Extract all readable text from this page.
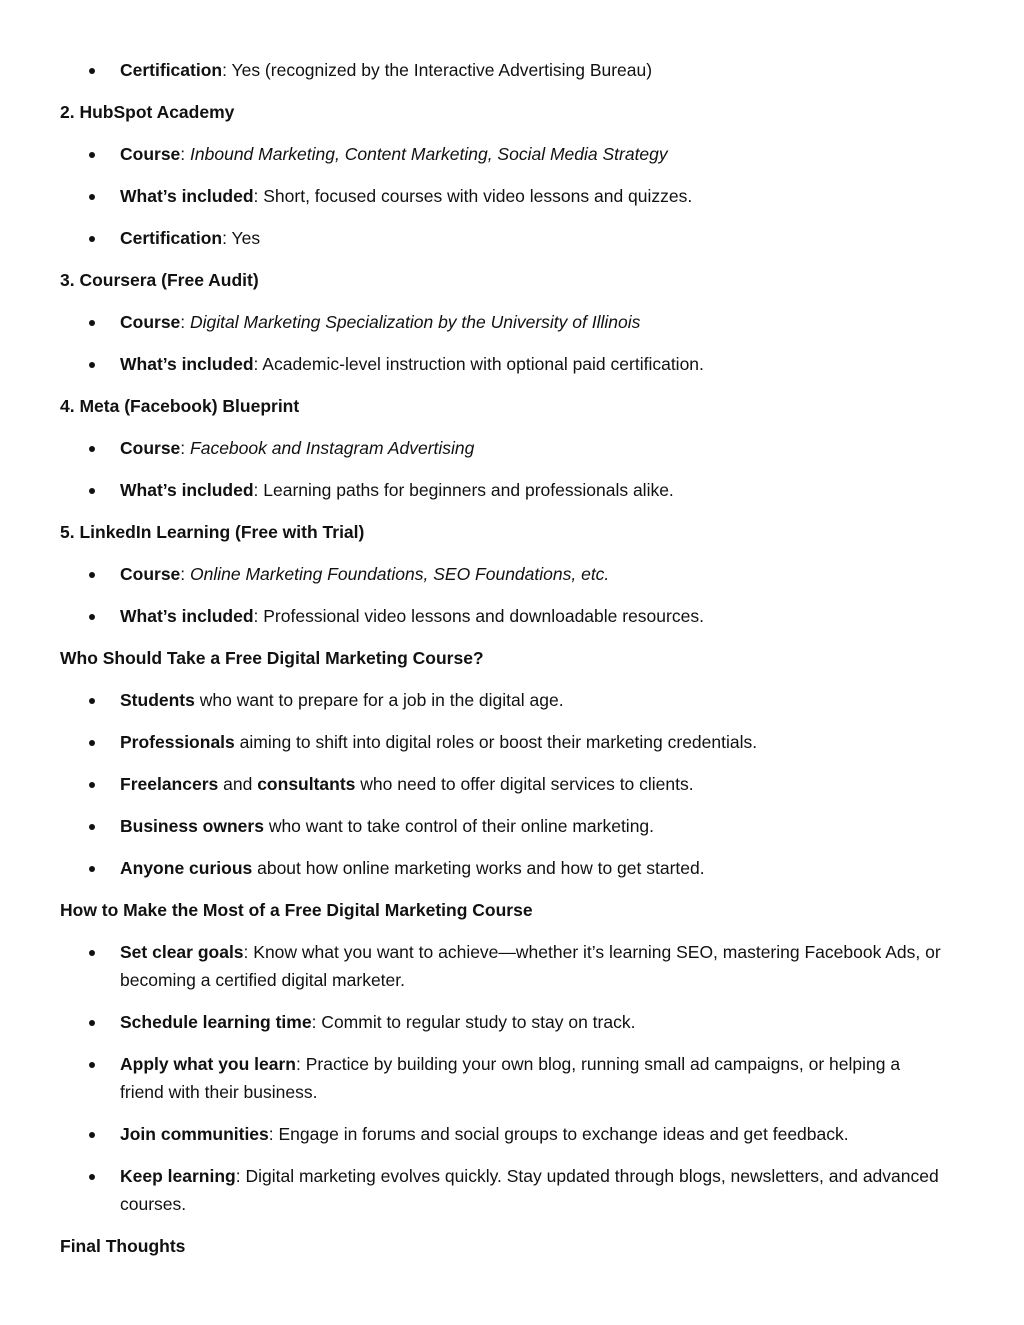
Certification: Yes (recognized by the Interactive Advertising Bureau)
2. HubSpot Academy
Course: Inbound Marketing, Content Marketing, Social Media Strategy
What’s included: Short, focused courses with video lessons and quizzes.
Certification: Yes
3. Coursera (Free Audit)
Course: Digital Marketing Specialization by the University of Illinois
What’s included: Academic-level instruction with optional paid certification.
4. Meta (Facebook) Blueprint
Course: Facebook and Instagram Advertising
What’s included: Learning paths for beginners and professionals alike.
5. LinkedIn Learning (Free with Trial)
Course: Online Marketing Foundations, SEO Foundations, etc.
What’s included: Professional video lessons and downloadable resources.
Who Should Take a Free Digital Marketing Course?
Students who want to prepare for a job in the digital age.
Professionals aiming to shift into digital roles or boost their marketing credentials.
Freelancers and consultants who need to offer digital services to clients.
Business owners who want to take control of their online marketing.
Anyone curious about how online marketing works and how to get started.
How to Make the Most of a Free Digital Marketing Course
Set clear goals: Know what you want to achieve—whether it’s learning SEO, mastering Facebook Ads, or becoming a certified digital marketer.
Schedule learning time: Commit to regular study to stay on track.
Apply what you learn: Practice by building your own blog, running small ad campaigns, or helping a friend with their business.
Join communities: Engage in forums and social groups to exchange ideas and get feedback.
Keep learning: Digital marketing evolves quickly. Stay updated through blogs, newsletters, and advanced courses.
Final Thoughts
